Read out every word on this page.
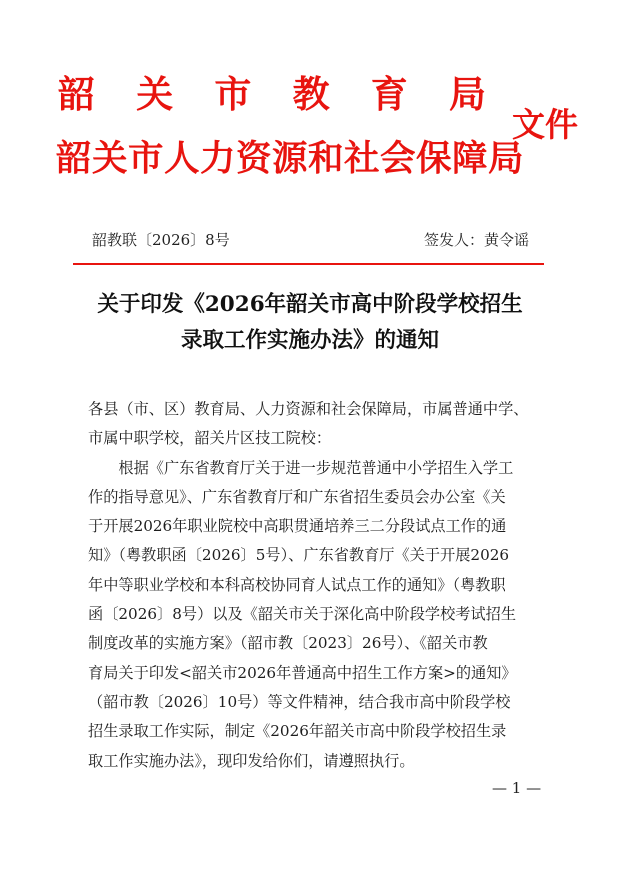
韶 关 市 教 育 局
韶关市人力资源和社会保障局
文件
韶教联〔2026〕8号	签发人：黄令谣
关于印发《2026年韶关市高中阶段学校招生
录取工作实施办法》的通知
各县（市、区）教育局、人力资源和社会保障局，市属普通中学、
市属中职学校，韶关片区技工院校：
　　根据《广东省教育厅关于进一步规范普通中小学招生入学工
作的指导意见》、广东省教育厅和广东省招生委员会办公室《关
于开展2026年职业院校中高职贯通培养三二分段试点工作的通
知》（粤教职函〔2026〕5号）、广东省教育厅《关于开展2026
年中等职业学校和本科高校协同育人试点工作的通知》（粤教职
函〔2026〕8号）以及《韶关市关于深化高中阶段学校考试招生
制度改革的实施方案》（韶市教〔2023〕26号）、《韶关市教
育局关于印发<韶关市2026年普通高中招生工作方案>的通知》
（韶市教〔2026〕10号）等文件精神，结合我市高中阶段学校
招生录取工作实际，制定《2026年韶关市高中阶段学校招生录
取工作实施办法》，现印发给你们，请遵照执行。
— 1 —
